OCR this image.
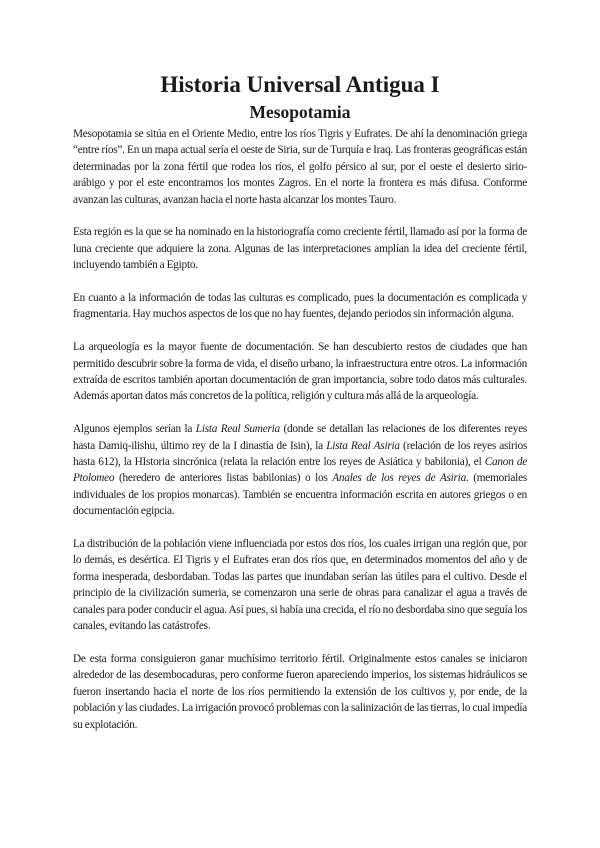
Historia Universal Antigua I
Mesopotamia

Mesopotamia se sitúa en el Oriente Medio, entre los ríos Tigris y Eufrates. De ahí la denominación griega “entre ríos”. En un mapa actual sería el oeste de Siria, sur de Turquía e Iraq. Las fronteras geográficas están determinadas por la zona fértil que rodea los ríos, el golfo pérsico al sur, por el oeste el desierto sirio-arábigo y por el este encontramos los montes Zagros. En el norte la frontera es más difusa. Conforme avanzan las culturas, avanzan hacia el norte hasta alcanzar los montes Tauro.

Esta región es la que se ha nominado en la historiografía como creciente fértil, llamado así por la forma de luna creciente que adquiere la zona. Algunas de las interpretaciones amplían la idea del creciente fértil, incluyendo también a Egipto.

En cuanto a la información de todas las culturas es complicado, pues la documentación es complicada y fragmentaria. Hay muchos aspectos de los que no hay fuentes, dejando periodos sin información alguna.

La arqueología es la mayor fuente de documentación. Se han descubierto restos de ciudades que han permitido descubrir sobre la forma de vida, el diseño urbano, la infraestructura entre otros. La información extraída de escritos también aportan documentación de gran importancia, sobre todo datos más culturales. Además aportan datos más concretos de la política, religión y cultura más allá de la arqueología.

Algunos ejemplos serían la Lista Real Sumeria (donde se detallan las relaciones de los diferentes reyes hasta Damiq-ilishu, último rey de la I dinastía de Isin), la Lista Real Asiria (relación de los reyes asirios hasta 612), la HIstoria sincrónica (relata la relación entre los reyes de Asiática y babilonia), el Canon de Ptolomeo (heredero de anteriores listas babilonias) o los Anales de los reyes de Asiria. (memoriales individuales de los propios monarcas). También se encuentra información escrita en autores griegos o en documentación egipcia.

La distribución de la población viene influenciada por estos dos ríos, los cuales irrigan una región que, por lo demás, es desértica. El Tigris y el Eufrates eran dos ríos que, en determinados momentos del año y de forma inesperada, desbordaban. Todas las partes que inundaban serían las útiles para el cultivo. Desde el principio de la civilización sumeria, se comenzaron una serie de obras para canalizar el agua a través de canales para poder conducir el agua. Así pues, si había una crecida, el río no desbordaba sino que seguía los canales, evitando las catástrofes.

De esta forma consiguieron ganar muchísimo territorio fértil. Originalmente estos canales se iniciaron alrededor de las desembocaduras, pero conforme fueron apareciendo imperios, los sistemas hidráulicos se fueron insertando hacia el norte de los ríos permitiendo la extensión de los cultivos y, por ende, de la población y las ciudades. La irrigación provocó problemas con la salinización de las tierras, lo cual impedía su explotación.
